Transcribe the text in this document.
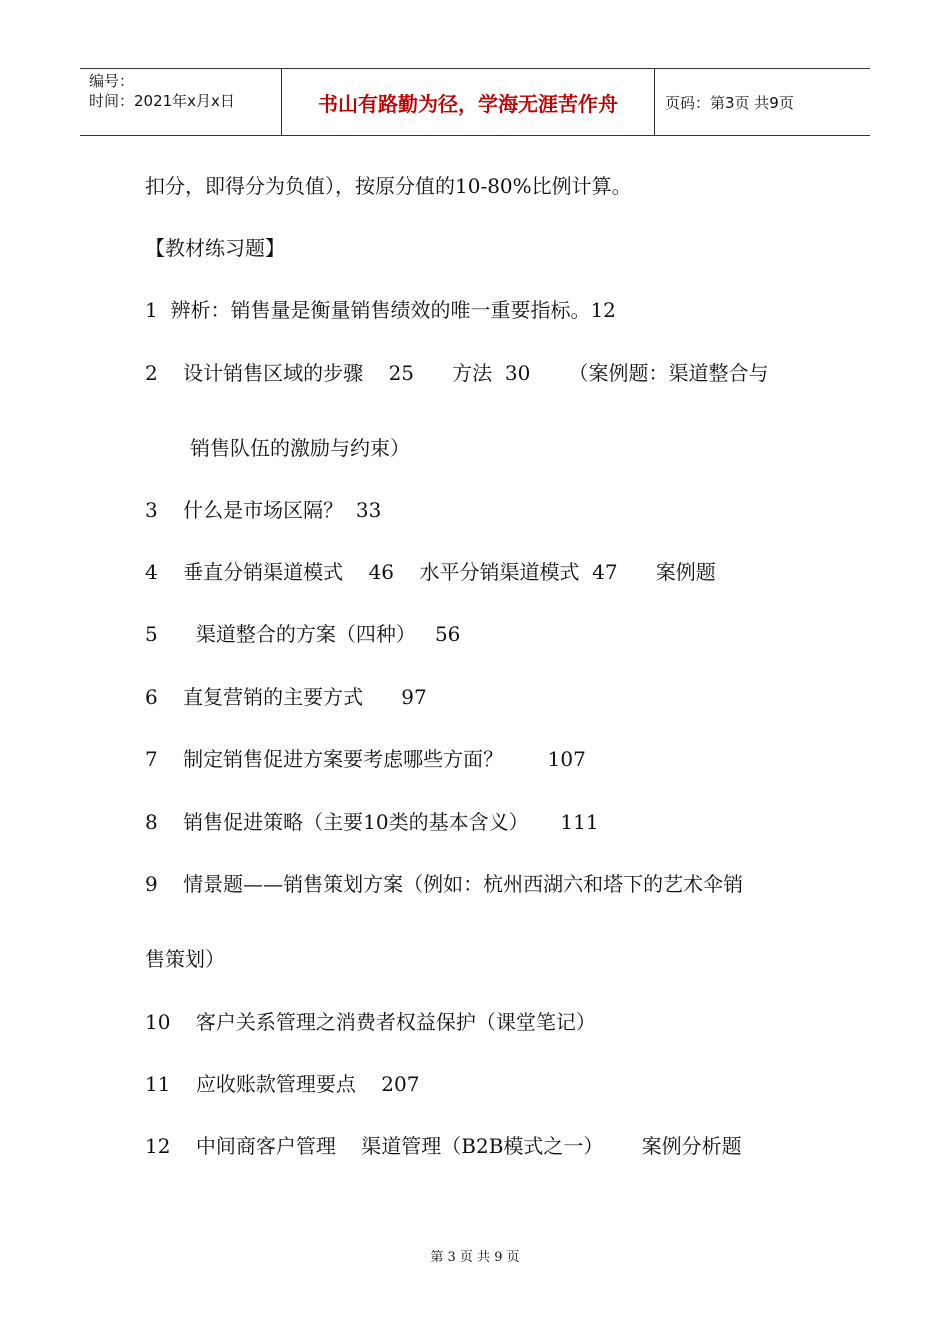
编号：
时间：2021年x月x日	书山有路勤为径，学海无涯苦作舟	页码：第3页 共9页
扣分，即得分为负值），按原分值的10-80%比例计算。
【教材练习题】
1  辨析：销售量是衡量销售绩效的唯一重要指标。12
2    设计销售区域的步骤    25      方法  30      （案例题：渠道整合与
销售队伍的激励与约束）
3    什么是市场区隔？  33
4    垂直分销渠道模式    46    水平分销渠道模式  47      案例题
5      渠道整合的方案（四种）   56
6    直复营销的主要方式      97
7    制定销售促进方案要考虑哪些方面？       107
8    销售促进策略（主要10类的基本含义）     111
9    情景题——销售策划方案（例如：杭州西湖六和塔下的艺术伞销
售策划）
10    客户关系管理之消费者权益保护（课堂笔记）
11    应收账款管理要点    207
12    中间商客户管理    渠道管理（B2B模式之一）      案例分析题
第 3 页 共 9 页
